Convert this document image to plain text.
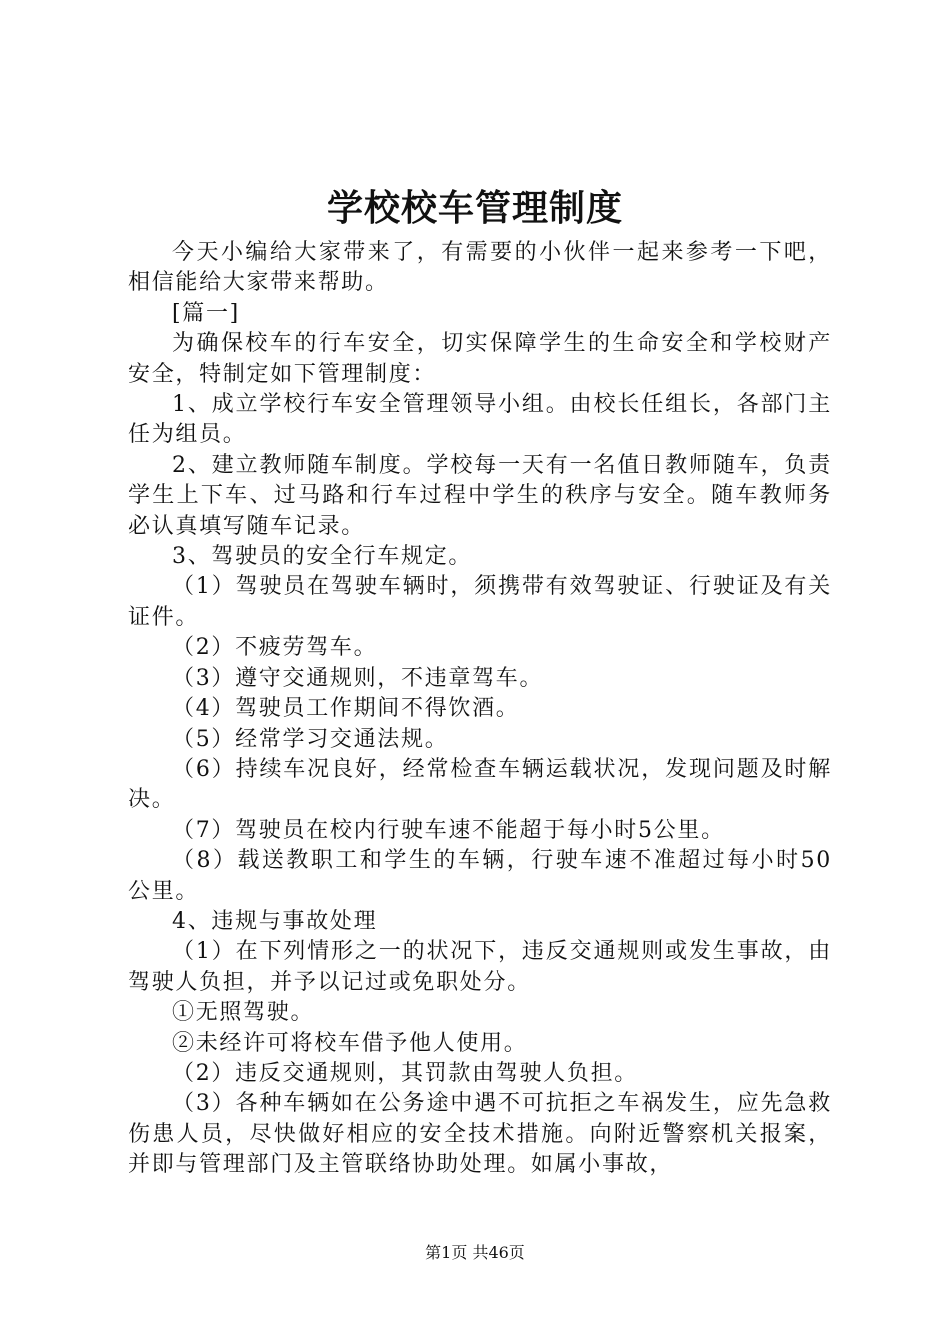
学校校车管理制度

今天小编给大家带来了，有需要的小伙伴一起来参考一下吧，相信能给大家带来帮助。

[篇一]

为确保校车的行车安全，切实保障学生的生命安全和学校财产安全，特制定如下管理制度：

1、成立学校行车安全管理领导小组。由校长任组长，各部门主任为组员。

2、建立教师随车制度。学校每一天有一名值日教师随车，负责学生上下车、过马路和行车过程中学生的秩序与安全。随车教师务必认真填写随车记录。

3、驾驶员的安全行车规定。

（1）驾驶员在驾驶车辆时，须携带有效驾驶证、行驶证及有关证件。

（2）不疲劳驾车。

（3）遵守交通规则，不违章驾车。

（4）驾驶员工作期间不得饮酒。

（5）经常学习交通法规。

（6）持续车况良好，经常检查车辆运载状况，发现问题及时解决。

（7）驾驶员在校内行驶车速不能超于每小时5公里。

（8）载送教职工和学生的车辆，行驶车速不准超过每小时50公里。

4、违规与事故处理

（1）在下列情形之一的状况下，违反交通规则或发生事故，由驾驶人负担，并予以记过或免职处分。

①无照驾驶。

②未经许可将校车借予他人使用。

（2）违反交通规则，其罚款由驾驶人负担。

（3）各种车辆如在公务途中遇不可抗拒之车祸发生，应先急救伤患人员，尽快做好相应的安全技术措施。向附近警察机关报案，并即与管理部门及主管联络协助处理。如属小事故，

第1页 共46页
